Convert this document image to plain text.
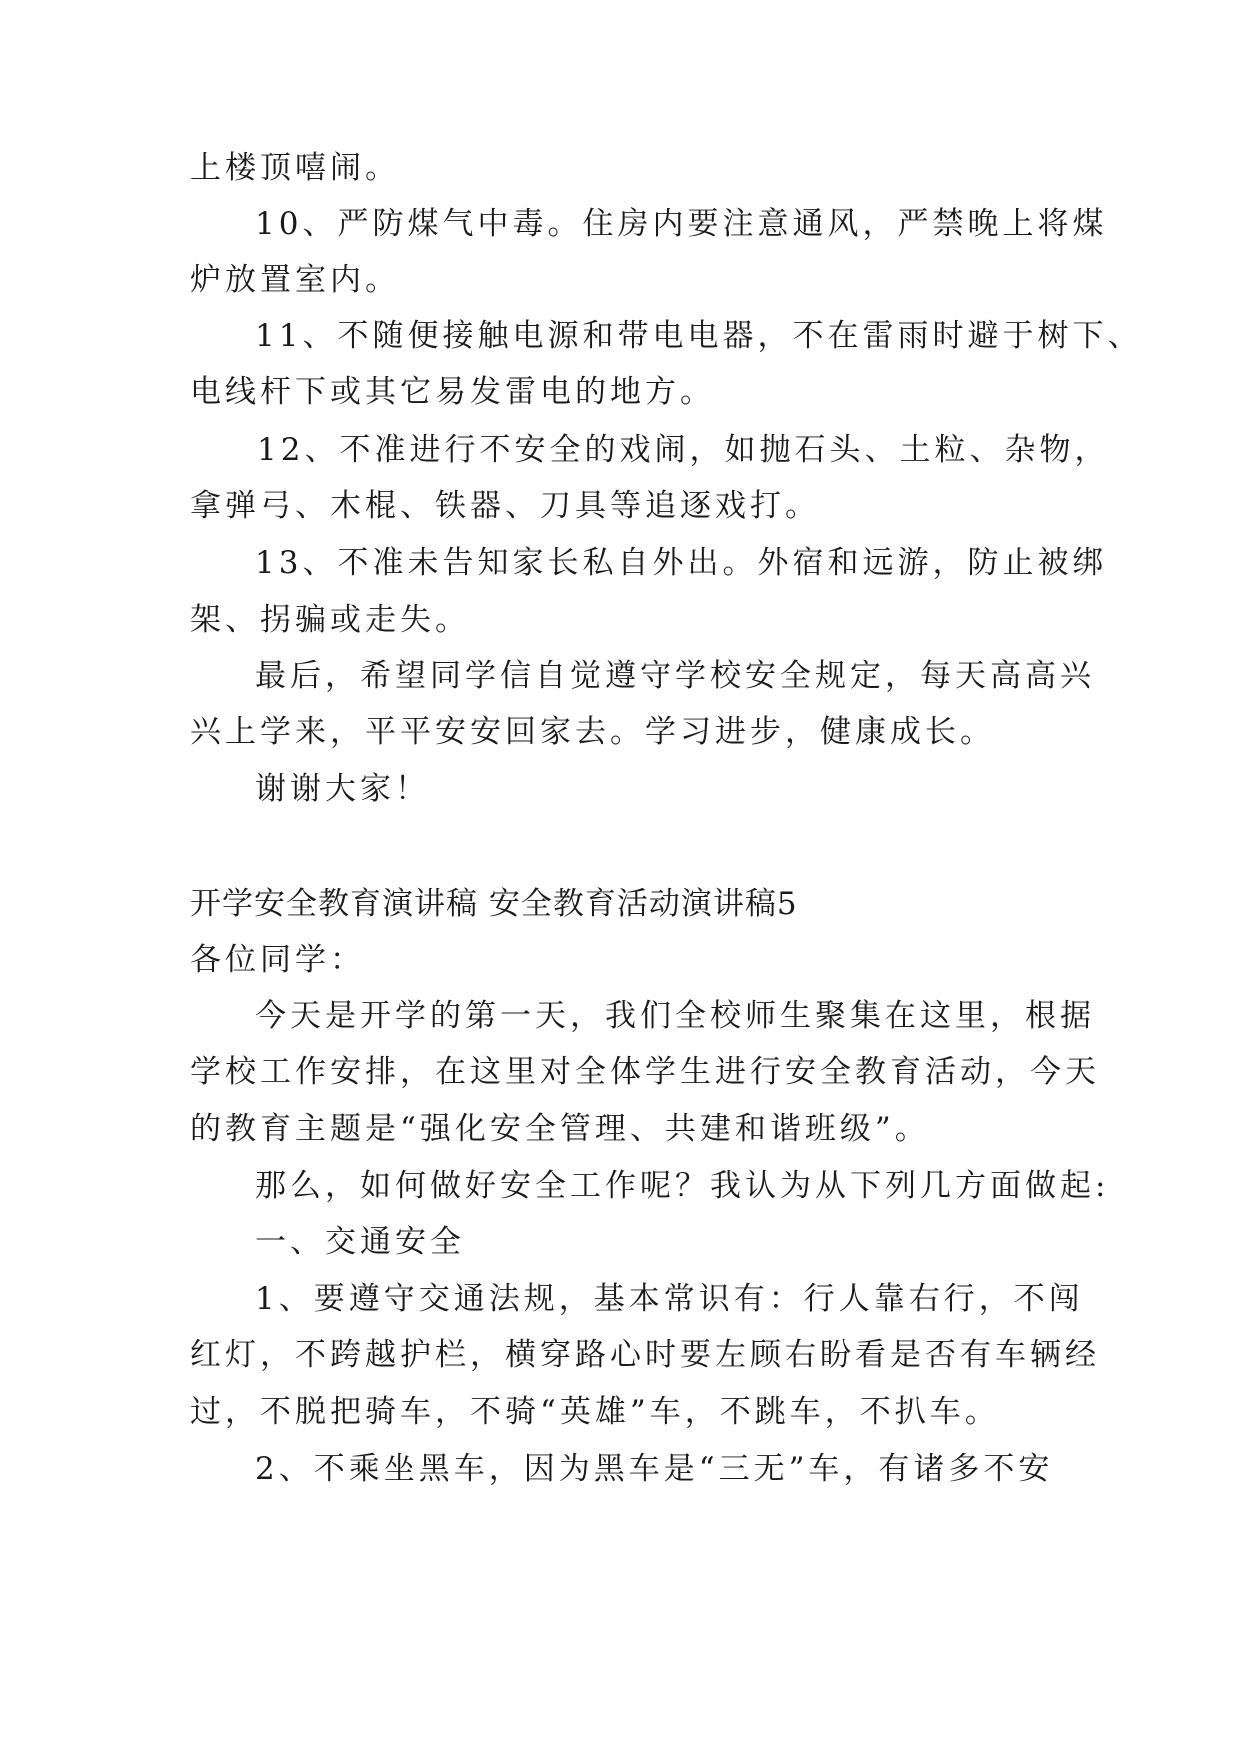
上楼顶嘻闹。
10、严防煤气中毒。住房内要注意通风，严禁晚上将煤
炉放置室内。
11、不随便接触电源和带电电器，不在雷雨时避于树下、
电线杆下或其它易发雷电的地方。
12、不准进行不安全的戏闹，如抛石头、土粒、杂物，
拿弹弓、木棍、铁器、刀具等追逐戏打。
13、不准未告知家长私自外出。外宿和远游，防止被绑
架、拐骗或走失。
最后，希望同学信自觉遵守学校安全规定，每天高高兴
兴上学来，平平安安回家去。学习进步，健康成长。
谢谢大家！
开学安全教育演讲稿 安全教育活动演讲稿5
各位同学：
今天是开学的第一天，我们全校师生聚集在这里，根据
学校工作安排，在这里对全体学生进行安全教育活动，今天
的教育主题是“强化安全管理、共建和谐班级”。
那么，如何做好安全工作呢？我认为从下列几方面做起:
一、交通安全
1、要遵守交通法规，基本常识有：行人靠右行，不闯
红灯，不跨越护栏，横穿路心时要左顾右盼看是否有车辆经
过，不脱把骑车，不骑“英雄”车，不跳车，不扒车。
2、不乘坐黑车，因为黑车是“三无”车，有诸多不安
